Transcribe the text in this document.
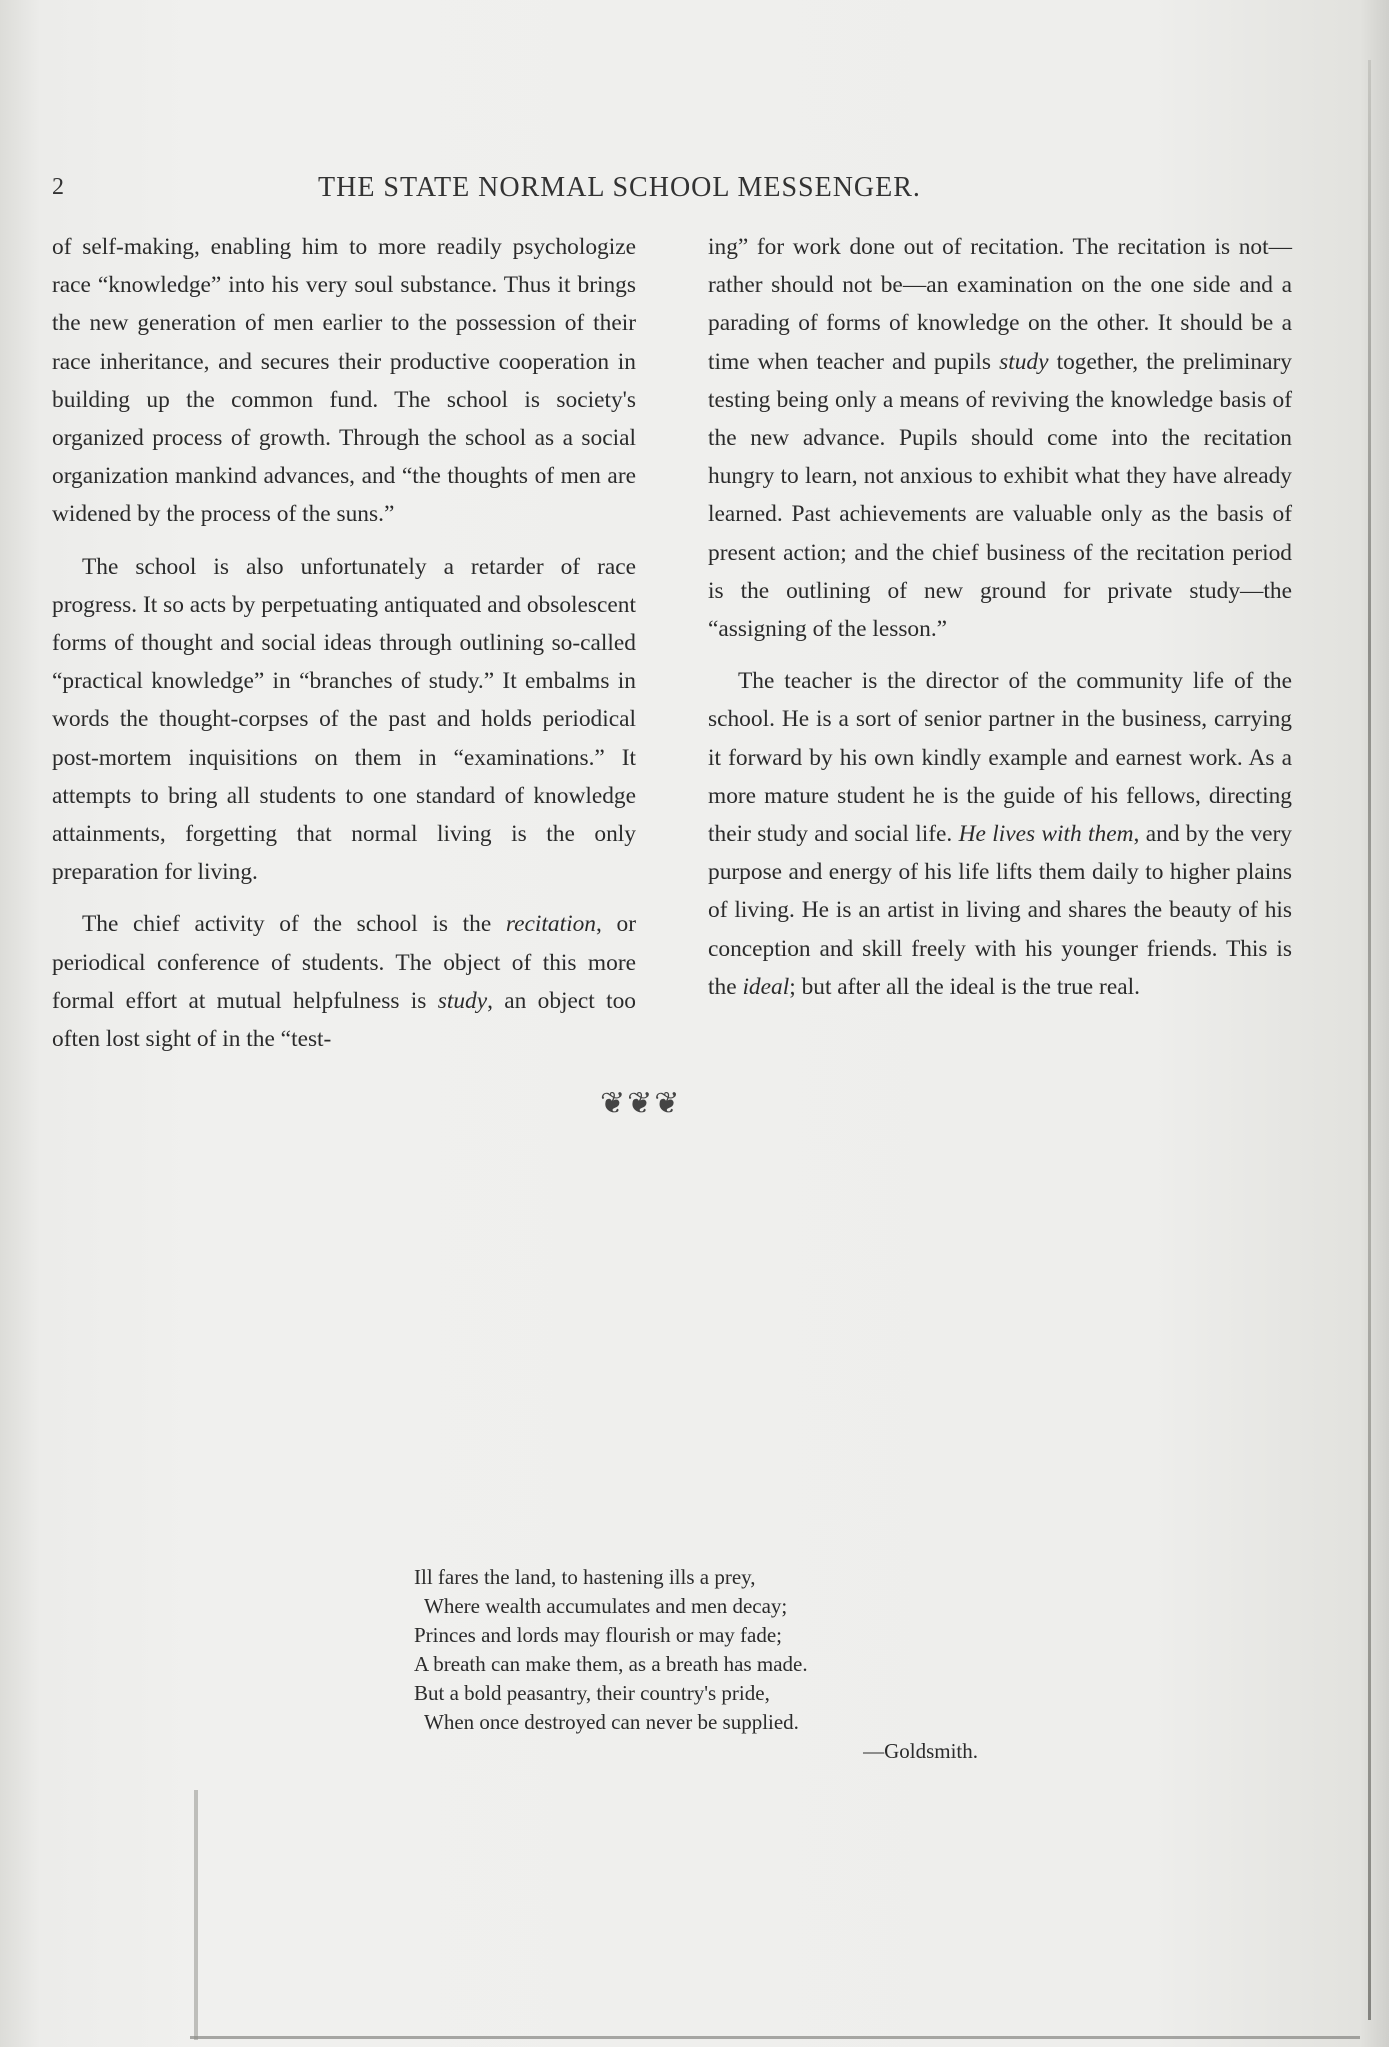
2	THE STATE NORMAL SCHOOL MESSENGER.

of self-making, enabling him to more readily psychologize race “knowledge” into his very soul substance. Thus it brings the new generation of men earlier to the possession of their race inheritance, and secures their productive cooperation in building up the common fund. The school is society's organized process of growth. Through the school as a social organization mankind advances, and “the thoughts of men are widened by the process of the suns.”

The school is also unfortunately a retarder of race progress. It so acts by perpetuating antiquated and obsolescent forms of thought and social ideas through outlining so-called “practical knowledge” in “branches of study.” It embalms in words the thought-corpses of the past and holds periodical post-mortem inquisitions on them in “examinations.” It attempts to bring all students to one standard of knowledge attainments, forgetting that normal living is the only preparation for living.

The chief activity of the school is the recitation, or periodical conference of students. The object of this more formal effort at mutual helpfulness is study, an object too often lost sight of in the “test-

ing” for work done out of recitation. The recitation is not—rather should not be—an examination on the one side and a parading of forms of knowledge on the other. It should be a time when teacher and pupils study together, the preliminary testing being only a means of reviving the knowledge basis of the new advance. Pupils should come into the recitation hungry to learn, not anxious to exhibit what they have already learned. Past achievements are valuable only as the basis of present action; and the chief business of the recitation period is the outlining of new ground for private study—the “assigning of the lesson.”

The teacher is the director of the community life of the school. He is a sort of senior partner in the business, carrying it forward by his own kindly example and earnest work. As a more mature student he is the guide of his fellows, directing their study and social life. He lives with them, and by the very purpose and energy of his life lifts them daily to higher plains of living. He is an artist in living and shares the beauty of his conception and skill freely with his younger friends. This is the ideal; but after all the ideal is the true real.

❦❦❦
Ill fares the land, to hastening ills a prey,
Where wealth accumulates and men decay;
Princes and lords may flourish or may fade;
A breath can make them, as a breath has made.
But a bold peasantry, their country's pride,
When once destroyed can never be supplied.
—Goldsmith.
